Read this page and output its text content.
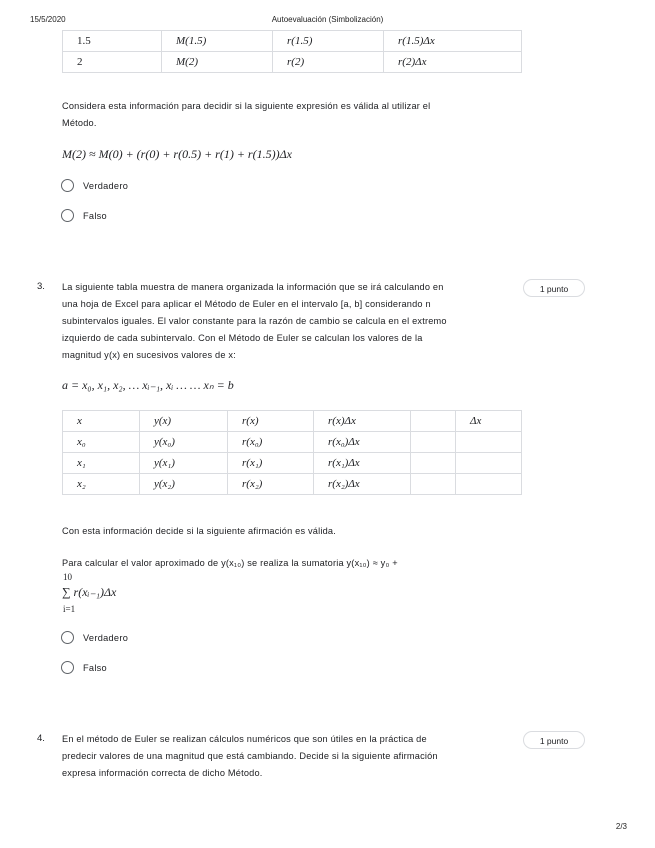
15/5/2020	Autoevaluación (Simbolización)
1.5	M(1.5)	r(1.5)	r(1.5)Δx
2	M(2)	r(2)	r(2)Δx
Considera esta información para decidir si la siguiente expresión es válida al utilizar el
Método.
M(2) ≈ M(0) + (r(0) + r(0.5) + r(1) + r(1.5))Δx
Verdadero
Falso
3.	1 punto
La siguiente tabla muestra de manera organizada la información que se irá calculando en
una hoja de Excel para aplicar el Método de Euler en el intervalo [a, b] considerando n
subintervalos iguales. El valor constante para la razón de cambio se calcula en el extremo
izquierdo de cada subintervalo. Con el Método de Euler se calculan los valores de la
magnitud y(x) en sucesivos valores de x:
a = x₀, x₁, x₂, … xᵢ₋₁, xᵢ … … xₙ = b
x	y(x)	r(x)	r(x)Δx		Δx
x₀	y(x₀)	r(x₀)	r(x₀)Δx		
x₁	y(x₁)	r(x₁)	r(x₁)Δx		
x₂	y(x₂)	r(x₂)	r(x₂)Δx		
Con esta información decide si la siguiente afirmación es válida.
Para calcular el valor aproximado de y(x₁₀) se realiza la sumatoria y(x₁₀) ≈ y₀ +
10
∑ r(xᵢ₋₁)Δx
i=1
Verdadero
Falso
4.	1 punto
En el método de Euler se realizan cálculos numéricos que son útiles en la práctica de
predecir valores de una magnitud que está cambiando. Decide si la siguiente afirmación
expresa información correcta de dicho Método.
2/3
